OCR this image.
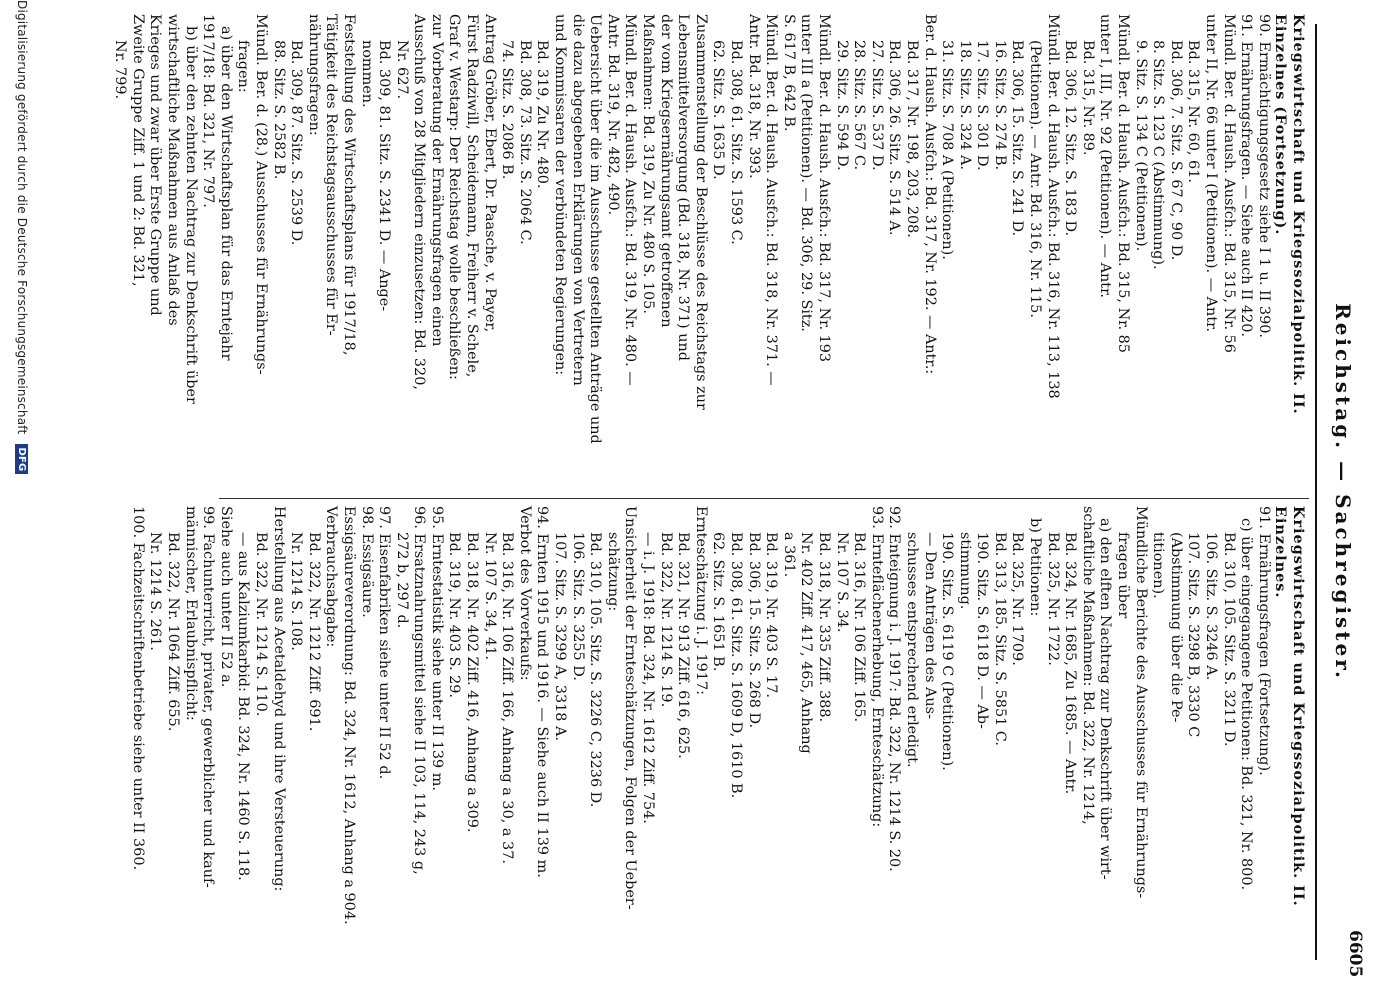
Reichstag. — Sachregister.
6605
Kriegswirtschaft und Kriegssozialpolitik. II. Einzelnes (Fortsetzung).
90. Ermächtigungsgesetz siehe I 1 u. II 390.
91. Ernährungsfragen. — Siehe auch II 420.
Mündl. Ber. d. Haush. Ausfch.: Bd. 315, Nr. 56
unter II, Nr. 66 unter I (Petitionen). — Antr.
Bd. 315, Nr. 60, 61.
Bd. 306, 7. Sitz. S. 67 C, 90 D.
8. Sitz. S. 123 C (Abstimmung).
9. Sitz. S. 134 C (Petitionen).
Mündl. Ber. d. Haush. Ausfch.: Bd. 315, Nr. 85
unter I, III, Nr. 92 (Petitionen). — Antr.
Bd. 315, Nr. 89.
Bd. 306, 12. Sitz. S. 183 D.
Mündl. Ber. d. Haush. Ausfch.: Bd. 316, Nr. 113, 138
(Petitionen). — Antr. Bd. 316, Nr. 115.
Bd. 306, 15. Sitz. S. 241 D.
16. Sitz. S. 274 B.
17. Sitz. S. 301 D.
18. Sitz. S. 324 A.
31. Sitz. S. 708 A (Petitionen).
Ber. d. Haush. Ausfch.: Bd. 317, Nr. 192. — Antr.:
Bd. 317, Nr. 198, 203, 208.
Bd. 306, 26. Sitz. S. 514 A.
27. Sitz. S. 537 D.
28. Sitz. S. 567 C.
29. Sitz. S. 594 D.
Mündl. Ber. d. Haush. Ausfch.: Bd. 317, Nr. 193
unter III a (Petitionen). — Bd. 306, 29. Sitz.
S. 617 B, 642 B.
Mündl. Ber. d. Haush. Ausfch.: Bd. 318, Nr. 371. —
Antr. Bd. 318, Nr. 393.
Bd. 308, 61. Sitz. S. 1593 C.
62. Sitz. S. 1635 D.
Zusammenstellung der Beschlüsse des Reichstags zur
Lebensmittelversorgung (Bd. 318, Nr. 371) und
der vom Kriegsernährungsamt getroffenen
Maßnahmen: Bd. 319, Zu Nr. 480 S. 105.
Mündl. Ber. d. Haush. Ausfch.: Bd. 319, Nr. 480. —
Antr. Bd. 319, Nr. 482, 490.
Uebersicht über die im Ausschusse gestellten Anträge und
die dazu abgegebenen Erklärungen von Vertretern
und Kommissaren der verbündeten Regierungen:
Bd. 319, Zu Nr. 480.
Bd. 308, 73. Sitz. S. 2064 C.
74. Sitz. S. 2086 B.
Antrag Gröber, Ebert, Dr. Paasche, v. Payer,
Fürst Radziwill, Scheidemann, Freiherr v. Schele,
Graf v. Westarp: Der Reichstag wolle beschließen:
zur Vorberatung der Ernährungsfragen einen
Ausschuß von 28 Mitgliedern einzusetzen: Bd. 320,
Nr. 627.
Bd. 309, 81. Sitz. S. 2341 D. — Ange-
nommen.
Feststellung des Wirtschaftsplans für 1917/18,
Tätigkeit des Reichstagsausschusses für Er-
nährungsfragen:
Bd. 309, 87. Sitz. S. 2539 D.
88. Sitz. S. 2582 B.
Mündl. Ber. d. (28.) Ausschusses für Ernährungs-
fragen:
a) über den Wirtschaftsplan für das Erntejahr
1917/18: Bd. 321, Nr. 797.
b) über den zehnten Nachtrag zur Denkschrift über
wirtschaftliche Maßnahmen aus Anlaß des
Krieges und zwar über Erste Gruppe und
Zweite Gruppe Ziff. 1 und 2: Bd. 321,
Nr. 799.
Kriegswirtschaft und Kriegssozialpolitik. II. Einzelnes.
91. Ernährungsfragen (Fortsetzung).
c) über eingegangene Petitionen: Bd. 321, Nr. 800.
Bd. 310, 105. Sitz. S. 3211 D.
106. Sitz. S. 3246 A.
107. Sitz. S. 3298 B, 3330 C
(Abstimmung über die Pe-
titionen).
Mündliche Berichte des Ausschusses für Ernährungs-
fragen über
a) den elften Nachtrag zur Denkschrift über wirt-
schaftliche Maßnahmen: Bd. 322, Nr. 1214,
Bd. 324, Nr. 1685, Zu 1685. — Antr.
Bd. 325, Nr. 1722.
b) Petitionen:
Bd. 325, Nr. 1709.
Bd. 313, 185. Sitz. S. 5851 C.
190. Sitz. S. 6118 D. — Ab-
stimmung.
190. Sitz. S. 6119 C (Petitionen).
— Den Anträgen des Aus-
schusses entsprechend erledigt.
92. Enteignung i. J. 1917: Bd. 322, Nr. 1214 S. 20.
93. Ernteflächenerhebung, Ernteschätzung:
Bd. 316, Nr. 106 Ziff. 165.
Nr. 107 S. 34.
Bd. 318, Nr. 335 Ziff. 388.
Nr. 402 Ziff. 417, 465, Anhang
a 361.
Bd. 319, Nr. 403 S. 17.
Bd. 306, 15. Sitz. S. 268 D.
Bd. 308, 61. Sitz. S. 1609 D, 1610 B.
62. Sitz. S. 1651 B.
Ernteschätzung i. J. 1917:
Bd. 321, Nr. 913 Ziff. 616, 625.
Bd. 322, Nr. 1214 S. 19.
— i. J. 1918: Bd. 324, Nr. 1612 Ziff. 754.
Unsicherheit der Ernteschätzungen, Folgen der Ueber-
schätzung:
Bd. 310, 105. Sitz. S. 3226 C, 3236 D.
106. Sitz. S. 3255 D.
107. Sitz. S. 3299 A, 3318 A.
94. Ernten 1915 und 1916. — Siehe auch II 139 m.
Verbot des Vorverkaufs:
Bd. 316, Nr. 106 Ziff. 166, Anhang a 30, a 37.
Nr. 107 S. 34, 41.
Bd. 318, Nr. 402 Ziff. 416, Anhang a 309.
Bd. 319, Nr. 403 S. 29.
95. Erntestatistik siehe unter II 139 m.
96. Ersatznahrungsmittel siehe II 103, 114, 243 g,
272 b, 297 d.
97. Eisenfabriken siehe unter II 52 d.
98. Essigsäure.
Essigsäureverordnung: Bd. 324, Nr. 1612, Anhang a 904.
Verbrauchsabgabe:
Bd. 322, Nr. 1212 Ziff. 691.
Nr. 1214 S. 108.
Herstellung aus Acetaldehyd und ihre Versteuerung:
Bd. 322, Nr. 1214 S. 110.
— aus Kalziumkarbid: Bd. 324, Nr. 1460 S. 118.
Siehe auch unter II 52 a.
99. Fachunterricht, privater, gewerblicher und kauf-
männischer, Erlaubnispflicht:
Bd. 322, Nr. 1064 Ziff. 655.
Nr. 1214 S. 261.
100. Fachzeitschriftenbetriebe siehe unter II 360.
Digitalisierung gefördert durch die Deutsche Forschungsgemeinschaft DFG
